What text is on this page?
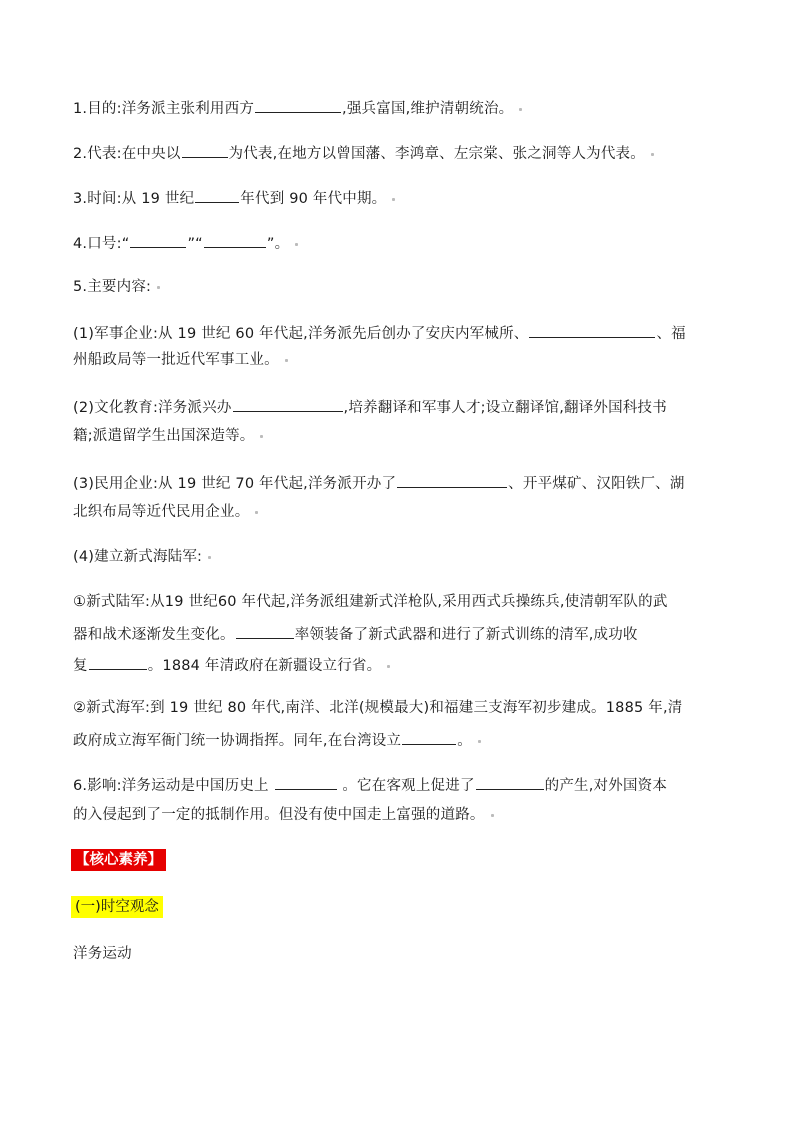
1.目的:洋务派主张利用西方	,强兵富国,维护清朝统治。
2.代表:在中央以	为代表,在地方以曾国藩、李鸿章、左宗棠、张之洞等人为代表。
3.时间:从 19 世纪	年代到 90 年代中期。
4.口号:“	”“	”。
5.主要内容:
(1)军事企业:从 19 世纪 60 年代起,洋务派先后创办了安庆内军械所、	、福
州船政局等一批近代军事工业。
(2)文化教育:洋务派兴办	,培养翻译和军事人才;设立翻译馆,翻译外国科技书
籍;派遣留学生出国深造等。
(3)民用企业:从 19 世纪 70 年代起,洋务派开办了	、开平煤矿、汉阳铁厂、湖
北织布局等近代民用企业。
(4)建立新式海陆军:
①新式陆军:从19 世纪60 年代起,洋务派组建新式洋枪队,采用西式兵操练兵,使清朝军队的武
器和战术逐渐发生变化。	率领装备了新式武器和进行了新式训练的清军,成功收
复	。1884 年清政府在新疆设立行省。
②新式海军:到 19 世纪 80 年代,南洋、北洋(规模最大)和福建三支海军初步建成。1885 年,清
政府成立海军衙门统一协调指挥。同年,在台湾设立	。
6.影响:洋务运动是中国历史上	。它在客观上促进了	的产生,对外国资本
的入侵起到了一定的抵制作用。但没有使中国走上富强的道路。
【核心素养】
(一)时空观念
洋务运动
